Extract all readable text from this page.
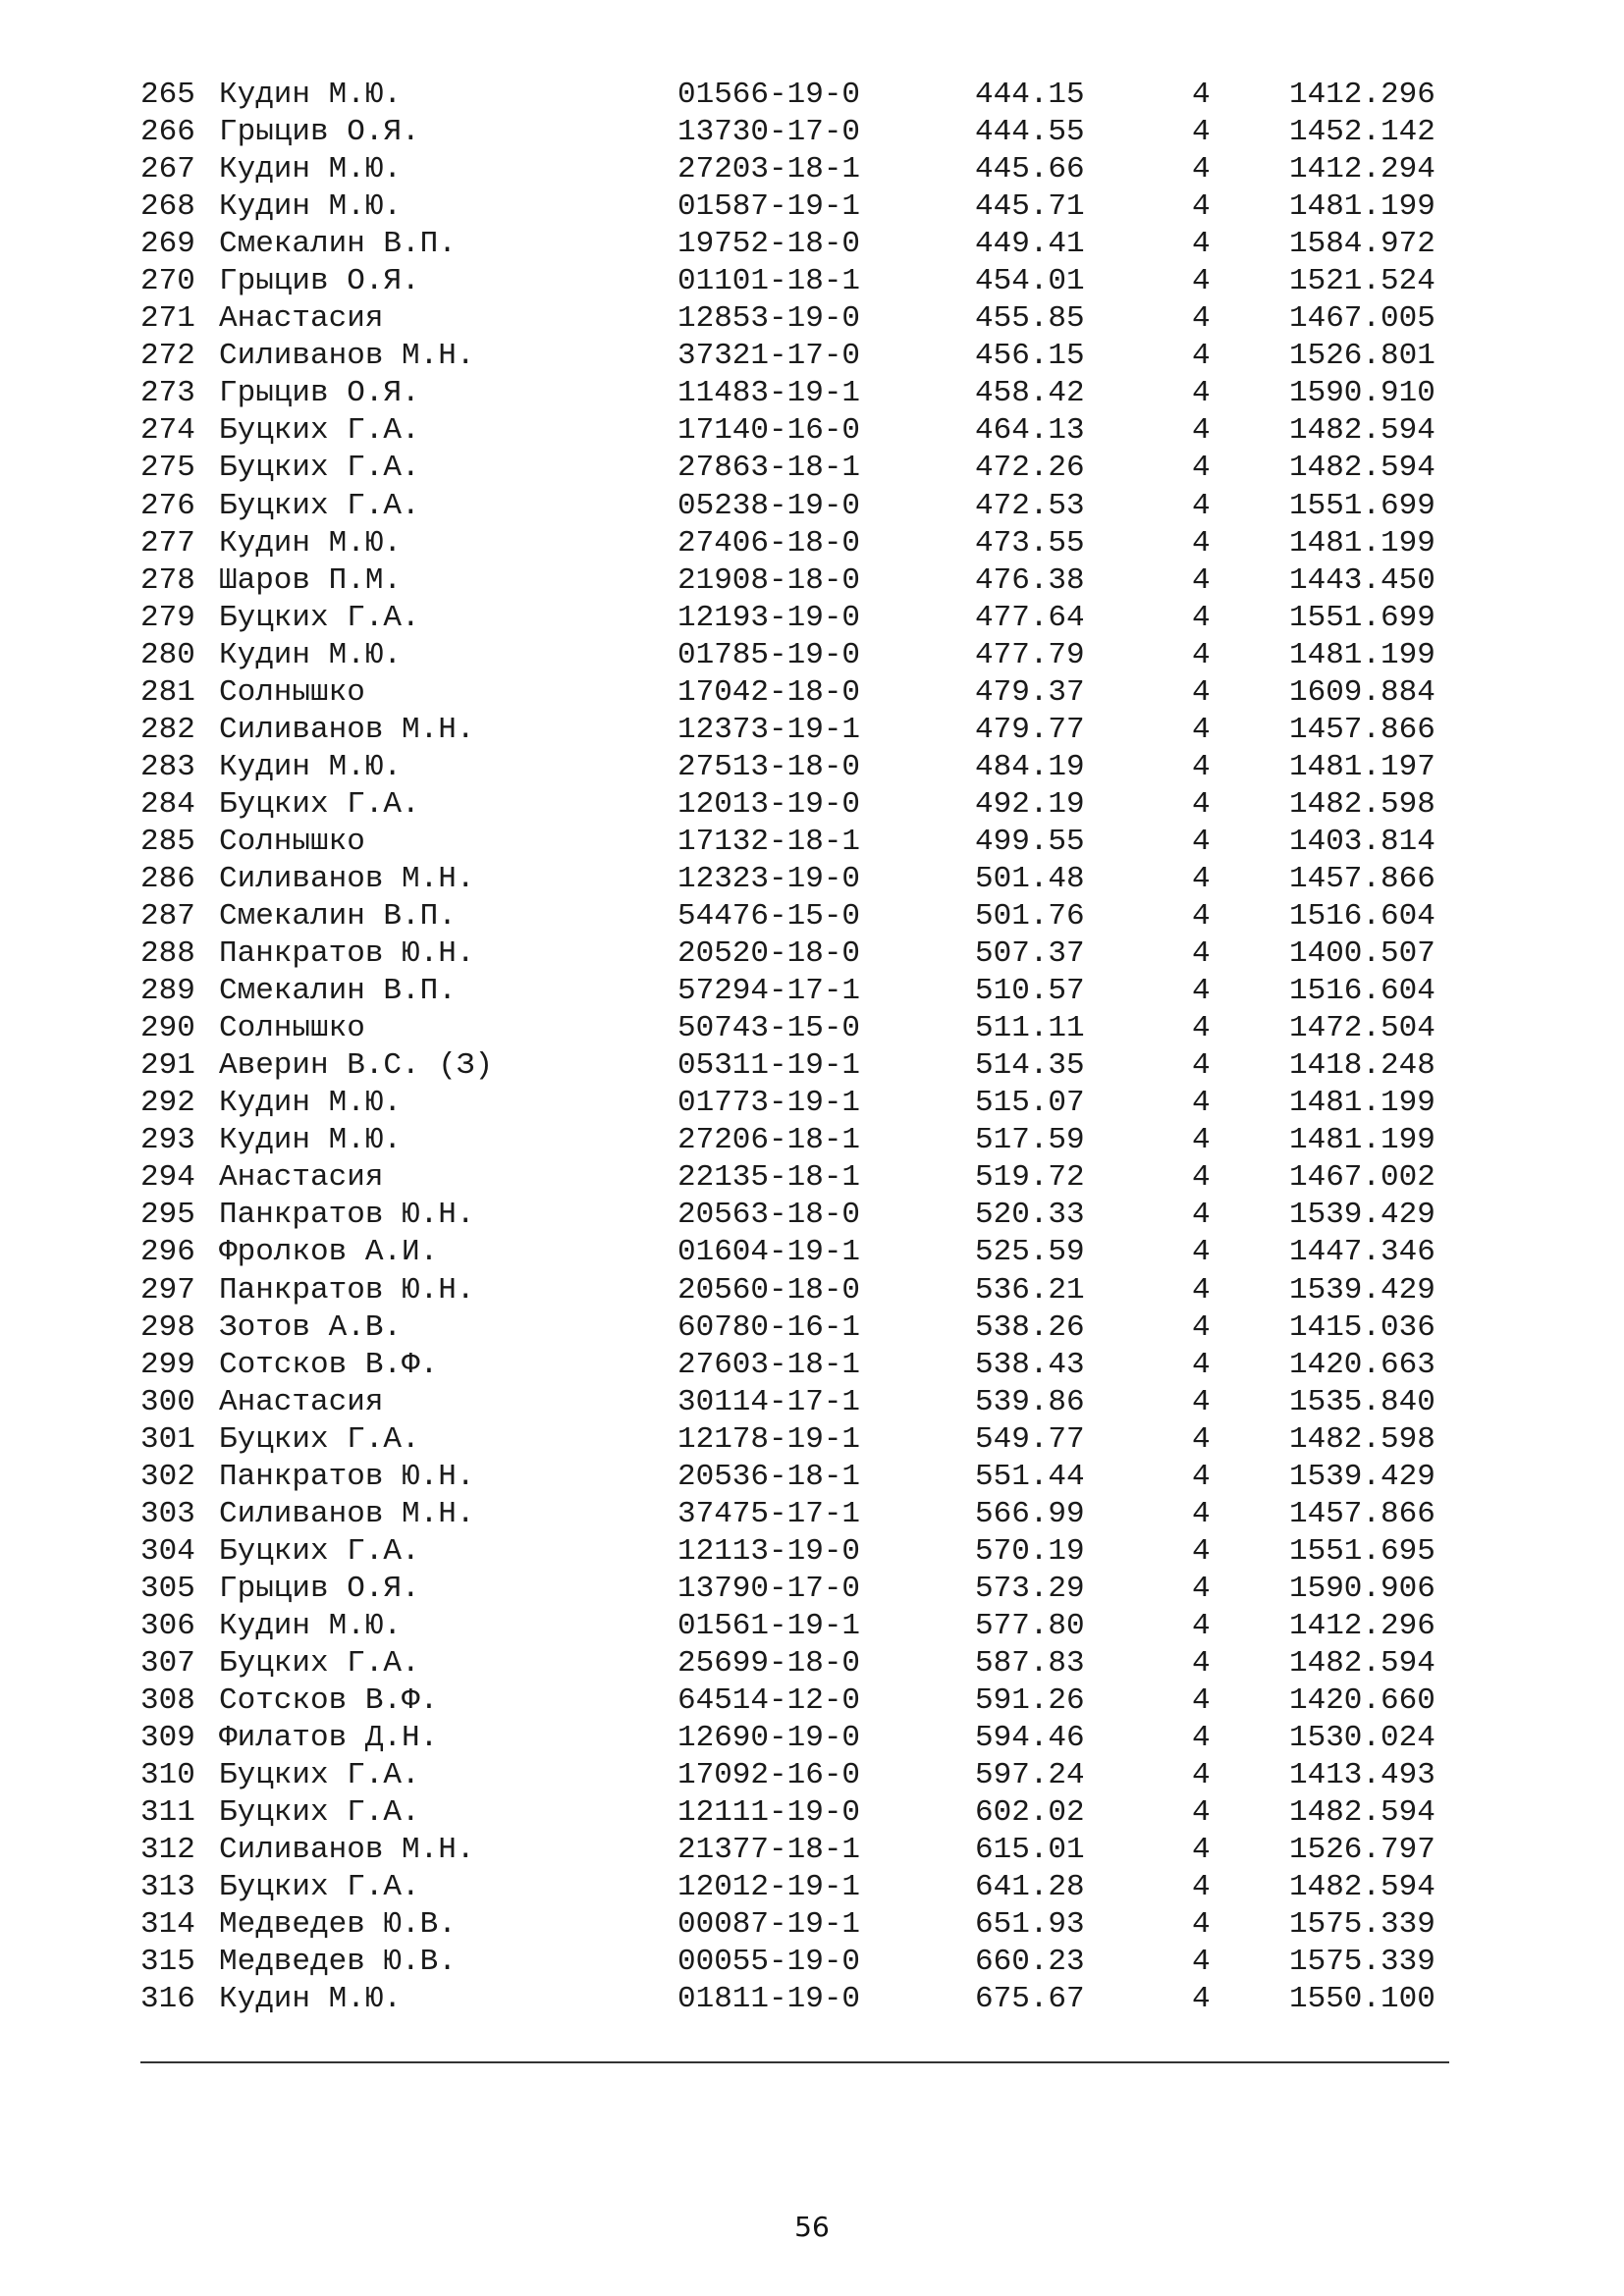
265 Кудин М.Ю.	01566-19-0	444.15	4	1412.296
266 Грыцив О.Я.	13730-17-0	444.55	4	1452.142
267 Кудин М.Ю.	27203-18-1	445.66	4	1412.294
268 Кудин М.Ю.	01587-19-1	445.71	4	1481.199
269 Смекалин В.П.	19752-18-0	449.41	4	1584.972
270 Грыцив О.Я.	01101-18-1	454.01	4	1521.524
271 Анастасия	12853-19-0	455.85	4	1467.005
272 Силиванов М.Н.	37321-17-0	456.15	4	1526.801
273 Грыцив О.Я.	11483-19-1	458.42	4	1590.910
274 Буцких Г.А.	17140-16-0	464.13	4	1482.594
275 Буцких Г.А.	27863-18-1	472.26	4	1482.594
276 Буцких Г.А.	05238-19-0	472.53	4	1551.699
277 Кудин М.Ю.	27406-18-0	473.55	4	1481.199
278 Шаров П.М.	21908-18-0	476.38	4	1443.450
279 Буцких Г.А.	12193-19-0	477.64	4	1551.699
280 Кудин М.Ю.	01785-19-0	477.79	4	1481.199
281 Солнышко	17042-18-0	479.37	4	1609.884
282 Силиванов М.Н.	12373-19-1	479.77	4	1457.866
283 Кудин М.Ю.	27513-18-0	484.19	4	1481.197
284 Буцких Г.А.	12013-19-0	492.19	4	1482.598
285 Солнышко	17132-18-1	499.55	4	1403.814
286 Силиванов М.Н.	12323-19-0	501.48	4	1457.866
287 Смекалин В.П.	54476-15-0	501.76	4	1516.604
288 Панкратов Ю.Н.	20520-18-0	507.37	4	1400.507
289 Смекалин В.П.	57294-17-1	510.57	4	1516.604
290 Солнышко	50743-15-0	511.11	4	1472.504
291 Аверин В.С. (З)	05311-19-1	514.35	4	1418.248
292 Кудин М.Ю.	01773-19-1	515.07	4	1481.199
293 Кудин М.Ю.	27206-18-1	517.59	4	1481.199
294 Анастасия	22135-18-1	519.72	4	1467.002
295 Панкратов Ю.Н.	20563-18-0	520.33	4	1539.429
296 Фролков А.И.	01604-19-1	525.59	4	1447.346
297 Панкратов Ю.Н.	20560-18-0	536.21	4	1539.429
298 Зотов А.В.	60780-16-1	538.26	4	1415.036
299 Сотсков В.Ф.	27603-18-1	538.43	4	1420.663
300 Анастасия	30114-17-1	539.86	4	1535.840
301 Буцких Г.А.	12178-19-1	549.77	4	1482.598
302 Панкратов Ю.Н.	20536-18-1	551.44	4	1539.429
303 Силиванов М.Н.	37475-17-1	566.99	4	1457.866
304 Буцких Г.А.	12113-19-0	570.19	4	1551.695
305 Грыцив О.Я.	13790-17-0	573.29	4	1590.906
306 Кудин М.Ю.	01561-19-1	577.80	4	1412.296
307 Буцких Г.А.	25699-18-0	587.83	4	1482.594
308 Сотсков В.Ф.	64514-12-0	591.26	4	1420.660
309 Филатов Д.Н.	12690-19-0	594.46	4	1530.024
310 Буцких Г.А.	17092-16-0	597.24	4	1413.493
311 Буцких Г.А.	12111-19-0	602.02	4	1482.594
312 Силиванов М.Н.	21377-18-1	615.01	4	1526.797
313 Буцких Г.А.	12012-19-1	641.28	4	1482.594
314 Медведев Ю.В.	00087-19-1	651.93	4	1575.339
315 Медведев Ю.В.	00055-19-0	660.23	4	1575.339
316 Кудин М.Ю.	01811-19-0	675.67	4	1550.100
56
